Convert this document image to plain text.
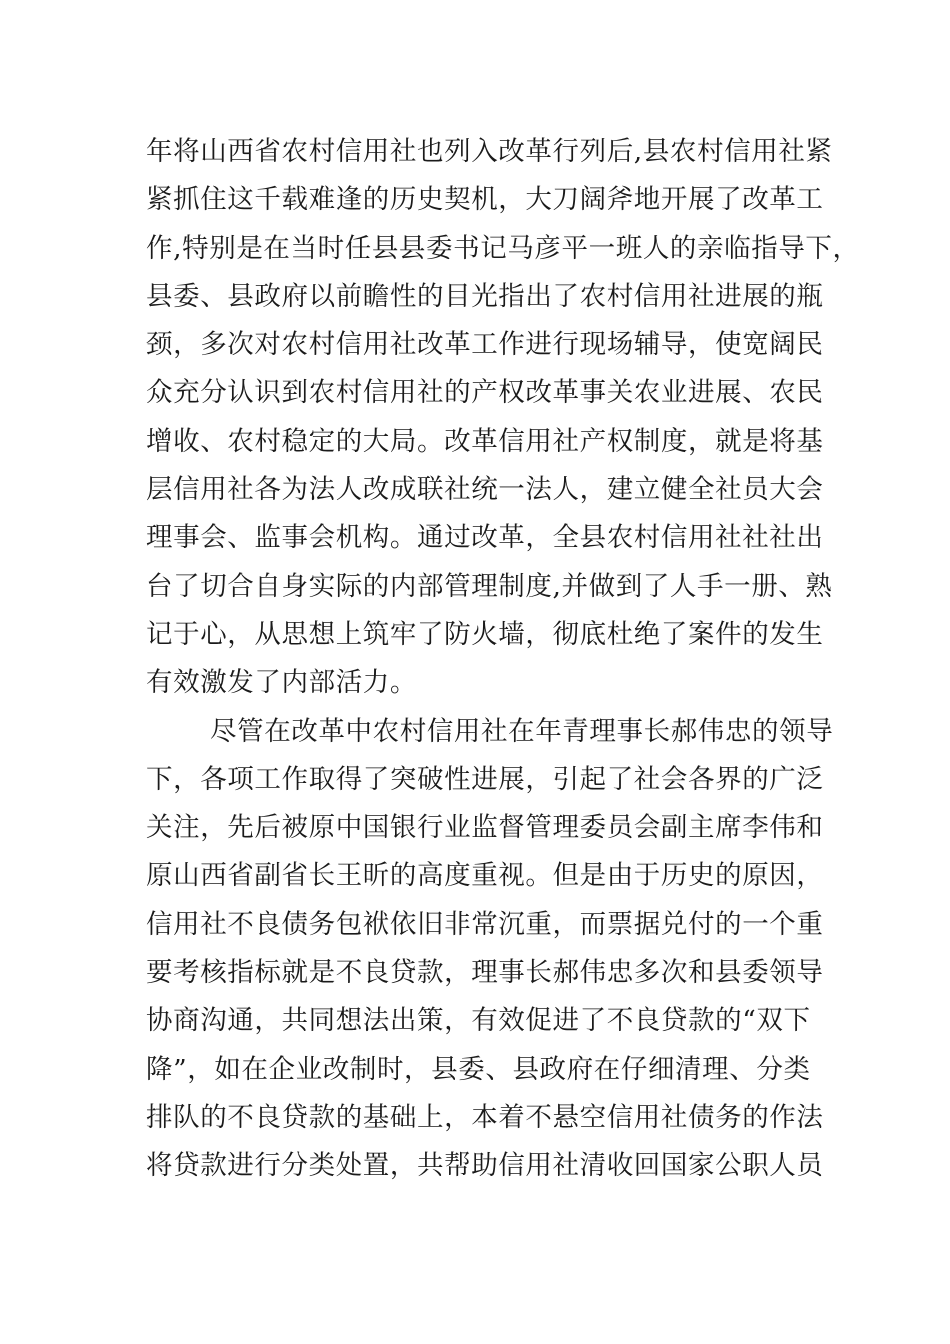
年将山西省农村信用社也列入改革行列后,县农村信用社紧
紧抓住这千载难逢的历史契机，大刀阔斧地开展了改革工
作,特别是在当时任县县委书记马彦平一班人的亲临指导下，
县委、县政府以前瞻性的目光指出了农村信用社进展的瓶
颈，多次对农村信用社改革工作进行现场辅导，使宽阔民
众充分认识到农村信用社的产权改革事关农业进展、农民
增收、农村稳定的大局。改革信用社产权制度，就是将基
层信用社各为法人改成联社统一法人，建立健全社员大会
理事会、监事会机构。通过改革，全县农村信用社社社出
台了切合自身实际的内部管理制度,并做到了人手一册、熟
记于心，从思想上筑牢了防火墙，彻底杜绝了案件的发生
有效激发了内部活力。
尽管在改革中农村信用社在年青理事长郝伟忠的领导
下，各项工作取得了突破性进展，引起了社会各界的广泛
关注，先后被原中国银行业监督管理委员会副主席李伟和
原山西省副省长王昕的高度重视。但是由于历史的原因，
信用社不良债务包袱依旧非常沉重，而票据兑付的一个重
要考核指标就是不良贷款，理事长郝伟忠多次和县委领导
协商沟通，共同想法出策，有效促进了不良贷款的“双下
降”，如在企业改制时，县委、县政府在仔细清理、分类
排队的不良贷款的基础上，本着不悬空信用社债务的作法
将贷款进行分类处置，共帮助信用社清收回国家公职人员
